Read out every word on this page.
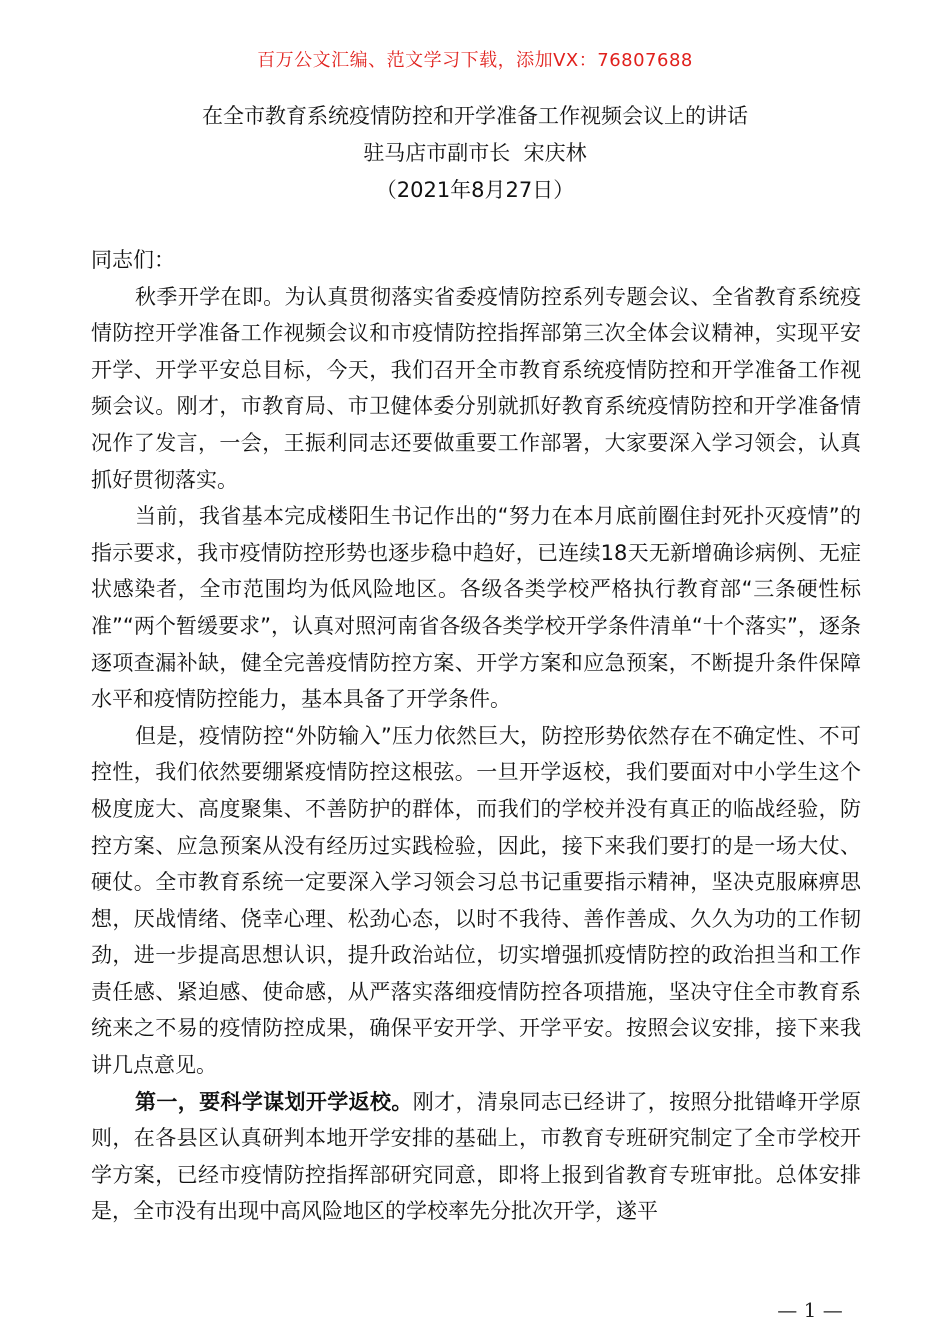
百万公文汇编、范文学习下载，添加VX：76807688
在全市教育系统疫情防控和开学准备工作视频会议上的讲话
驻马店市副市长  宋庆林
（2021年8月27日）

同志们：

秋季开学在即。为认真贯彻落实省委疫情防控系列专题会议、全省教育系统疫情防控开学准备工作视频会议和市疫情防控指挥部第三次全体会议精神，实现平安开学、开学平安总目标，今天，我们召开全市教育系统疫情防控和开学准备工作视频会议。刚才，市教育局、市卫健体委分别就抓好教育系统疫情防控和开学准备情况作了发言，一会，王振利同志还要做重要工作部署，大家要深入学习领会，认真抓好贯彻落实。

当前，我省基本完成楼阳生书记作出的“努力在本月底前圈住封死扑灭疫情”的指示要求，我市疫情防控形势也逐步稳中趋好，已连续18天无新增确诊病例、无症状感染者，全市范围均为低风险地区。各级各类学校严格执行教育部“三条硬性标准”“两个暂缓要求”，认真对照河南省各级各类学校开学条件清单“十个落实”，逐条逐项查漏补缺，健全完善疫情防控方案、开学方案和应急预案，不断提升条件保障水平和疫情防控能力，基本具备了开学条件。

但是，疫情防控“外防输入”压力依然巨大，防控形势依然存在不确定性、不可控性，我们依然要绷紧疫情防控这根弦。一旦开学返校，我们要面对中小学生这个极度庞大、高度聚集、不善防护的群体，而我们的学校并没有真正的临战经验，防控方案、应急预案从没有经历过实践检验，因此，接下来我们要打的是一场大仗、硬仗。全市教育系统一定要深入学习领会习总书记重要指示精神，坚决克服麻痹思想，厌战情绪、侥幸心理、松劲心态，以时不我待、善作善成、久久为功的工作韧劲，进一步提高思想认识，提升政治站位，切实增强抓疫情防控的政治担当和工作责任感、紧迫感、使命感，从严落实落细疫情防控各项措施，坚决守住全市教育系统来之不易的疫情防控成果，确保平安开学、开学平安。按照会议安排，接下来我讲几点意见。

第一，要科学谋划开学返校。刚才，清泉同志已经讲了，按照分批错峰开学原则，在各县区认真研判本地开学安排的基础上，市教育专班研究制定了全市学校开学方案，已经市疫情防控指挥部研究同意，即将上报到省教育专班审批。总体安排是，全市没有出现中高风险地区的学校率先分批次开学，遂平

— 1 —
